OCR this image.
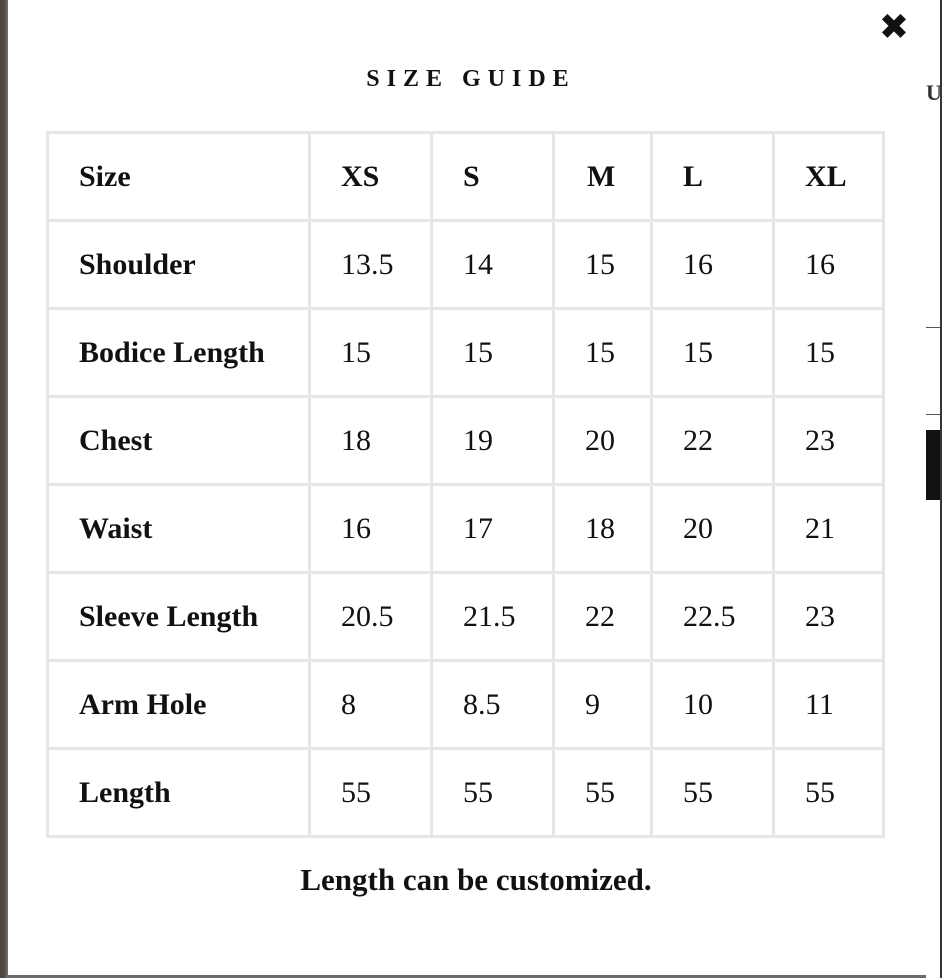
U
✖
SIZE GUIDE
Size	XS	S	M	L	XL
Shoulder	13.5	14	15	16	16
Bodice Length	15	15	15	15	15
Chest	18	19	20	22	23
Waist	16	17	18	20	21
Sleeve Length	20.5	21.5	22	22.5	23
Arm Hole	8	8.5	9	10	11
Length	55	55	55	55	55
Length can be customized.
